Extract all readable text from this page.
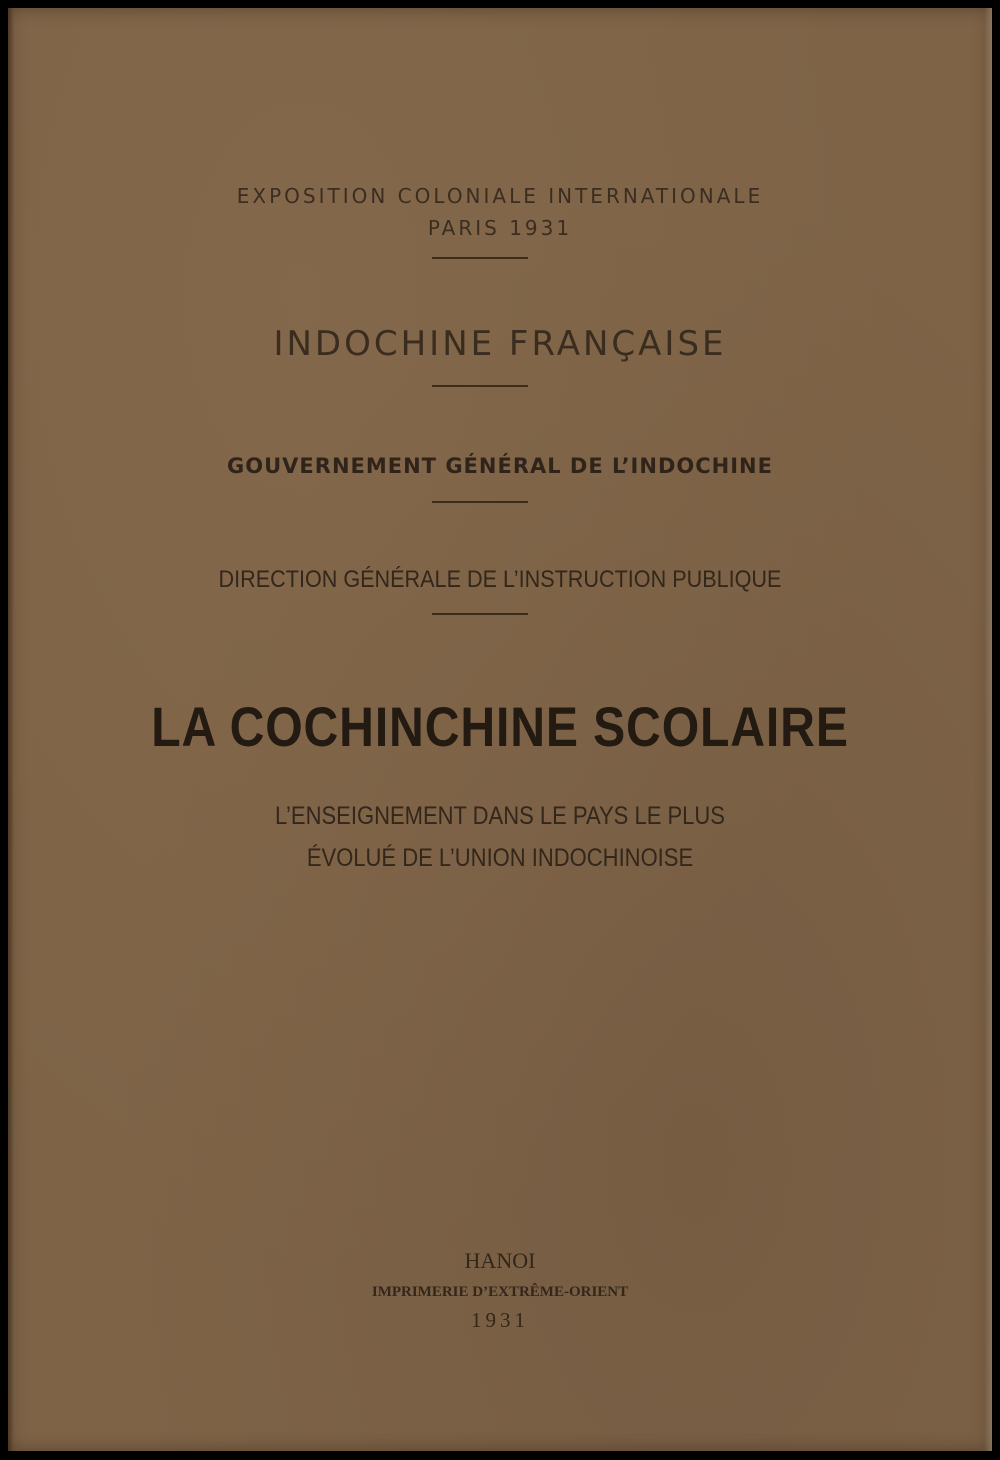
EXPOSITION COLONIALE INTERNATIONALE
PARIS 1931
INDOCHINE FRANÇAISE
GOUVERNEMENT GÉNÉRAL DE L’INDOCHINE
DIRECTION GÉNÉRALE DE L’INSTRUCTION PUBLIQUE
LA COCHINCHINE SCOLAIRE
L’ENSEIGNEMENT DANS LE PAYS LE PLUS
ÉVOLUÉ DE L’UNION INDOCHINOISE
HANOI
IMPRIMERIE D’EXTRÊME-ORIENT
1931
